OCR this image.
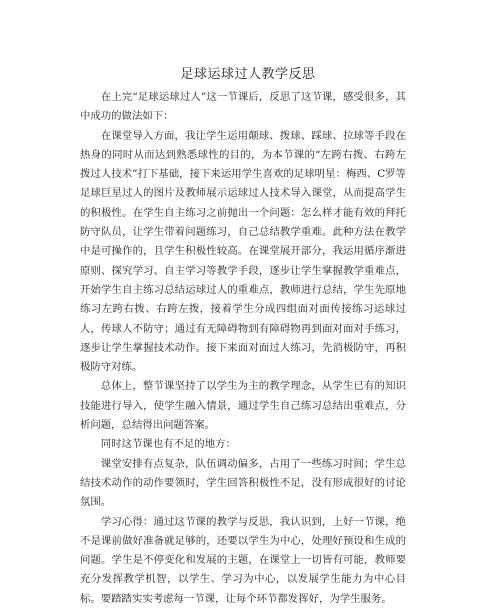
足球运球过人教学反思

在上完“足球运球过人”这一节课后，反思了这节课，感受很多，其中成功的做法如下：

在课堂导入方面，我让学生运用颠球、拨球、踩球、拉球等手段在热身的同时从而达到熟悉球性的目的，为本节课的“左跨右拨、右跨左拨过人技术”打下基础，接下来运用学生喜欢的足球明星：梅西、C罗等足球巨星过人的图片及教师展示运球过人技术导入课堂，从而提高学生的积极性。在学生自主练习之前抛出一个问题：怎么样才能有效的拜托防守队员，让学生带着问题练习，自己总结教学重难。此种方法在教学中是可操作的，且学生积极性较高。在课堂展开部分，我运用循序渐进原则、探究学习、自主学习等教学手段，逐步让学生掌握教学重难点，开始学生自主练习总结运球过人的重难点，教师进行总结，学生先原地练习左跨右拨、右跨左拨，接着学生分成四组面对面传接练习运球过人，传球人不防守；通过有无障碍物到有障碍物再到面对面对手练习，逐步让学生掌握技术动作。接下来面对面过人练习，先消极防守，再积极防守对练。

总体上，整节课坚持了以学生为主的教学理念，从学生已有的知识技能进行导入，使学生融入情景，通过学生自己练习总结出重难点，分析问题，总结得出问题答案。

同时这节课也有不足的地方：

课堂安排有点复杂，队伍调动偏多，占用了一些练习时间；学生总结技术动作的动作要领时，学生回答积极性不足，没有形成很好的讨论氛围。

学习心得：通过这节课的教学与反思，我认识到，上好一节课，绝不是课前做好准备就足够的，还要以学生为中心，处理好预设和生成的问题。学生是不停变化和发展的主题，在课堂上一切皆有可能，教师要充分发挥教学机智，以学生、学习为中心，以发展学生能力为中心目标。要踏踏实实考虑每一节课，让每个环节都发挥好，为学生服务。
